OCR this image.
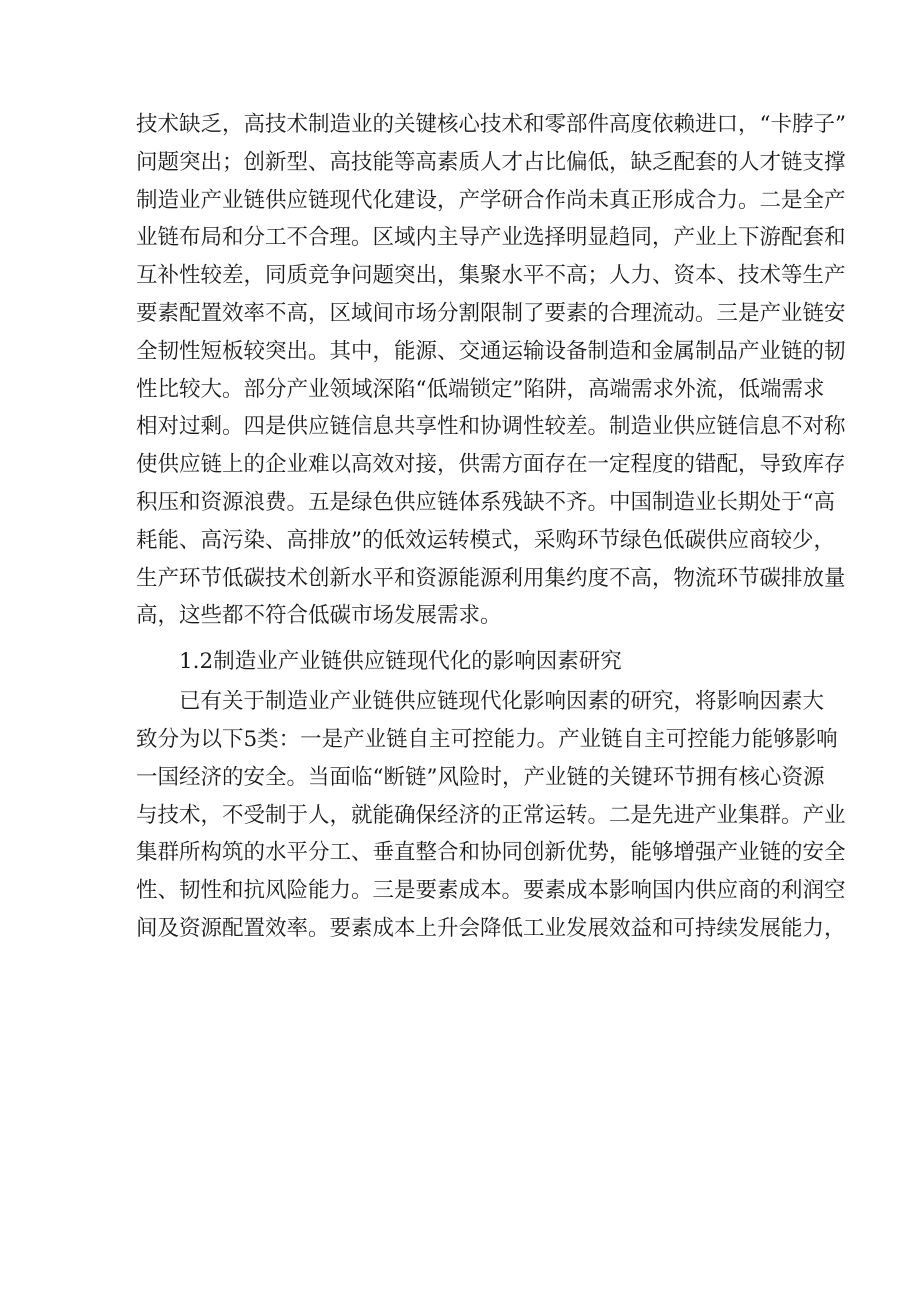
技术缺乏，高技术制造业的关键核心技术和零部件高度依赖进口，“卡脖子”
问题突出；创新型、高技能等高素质人才占比偏低，缺乏配套的人才链支撑
制造业产业链供应链现代化建设，产学研合作尚未真正形成合力。二是全产
业链布局和分工不合理。区域内主导产业选择明显趋同，产业上下游配套和
互补性较差，同质竞争问题突出，集聚水平不高；人力、资本、技术等生产
要素配置效率不高，区域间市场分割限制了要素的合理流动。三是产业链安
全韧性短板较突出。其中，能源、交通运输设备制造和金属制品产业链的韧
性比较大。部分产业领域深陷“低端锁定”陷阱，高端需求外流，低端需求
相对过剩。四是供应链信息共享性和协调性较差。制造业供应链信息不对称
使供应链上的企业难以高效对接，供需方面存在一定程度的错配，导致库存
积压和资源浪费。五是绿色供应链体系残缺不齐。中国制造业长期处于“高
耗能、高污染、高排放”的低效运转模式，采购环节绿色低碳供应商较少，
生产环节低碳技术创新水平和资源能源利用集约度不高，物流环节碳排放量
高，这些都不符合低碳市场发展需求。
1.2制造业产业链供应链现代化的影响因素研究
已有关于制造业产业链供应链现代化影响因素的研究，将影响因素大
致分为以下5类：一是产业链自主可控能力。产业链自主可控能力能够影响
一国经济的安全。当面临“断链”风险时，产业链的关键环节拥有核心资源
与技术，不受制于人，就能确保经济的正常运转。二是先进产业集群。产业
集群所构筑的水平分工、垂直整合和协同创新优势，能够增强产业链的安全
性、韧性和抗风险能力。三是要素成本。要素成本影响国内供应商的利润空
间及资源配置效率。要素成本上升会降低工业发展效益和可持续发展能力，
